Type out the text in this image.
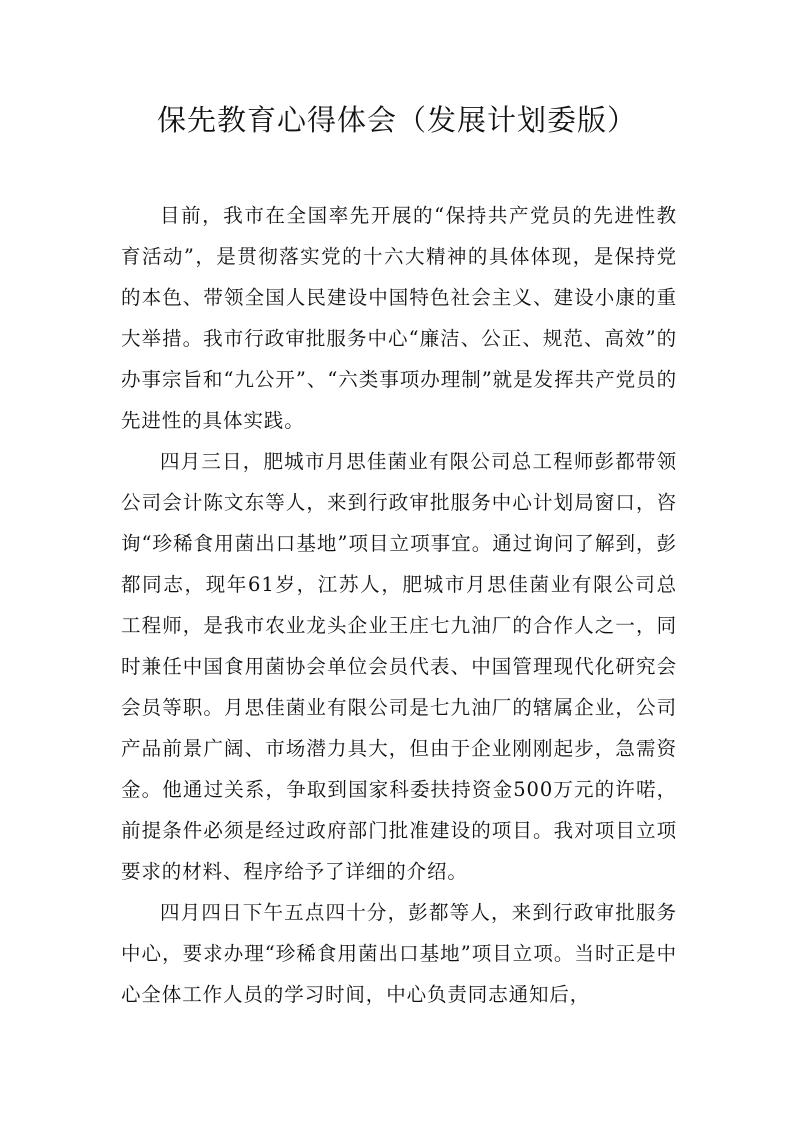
保先教育心得体会（发展计划委版）

目前，我市在全国率先开展的“保持共产党员的先进性教育活动”，是贯彻落实党的十六大精神的具体体现，是保持党的本色、带领全国人民建设中国特色社会主义、建设小康的重大举措。我市行政审批服务中心“廉洁、公正、规范、高效”的办事宗旨和“九公开”、“六类事项办理制”就是发挥共产党员的先进性的具体实践。

四月三日，肥城市月思佳菌业有限公司总工程师彭都带领公司会计陈文东等人，来到行政审批服务中心计划局窗口，咨询“珍稀食用菌出口基地”项目立项事宜。通过询问了解到，彭都同志，现年61岁，江苏人，肥城市月思佳菌业有限公司总工程师，是我市农业龙头企业王庄七九油厂的合作人之一，同时兼任中国食用菌协会单位会员代表、中国管理现代化研究会会员等职。月思佳菌业有限公司是七九油厂的辖属企业，公司产品前景广阔、市场潜力具大，但由于企业刚刚起步，急需资金。他通过关系，争取到国家科委扶持资金500万元的许喏，前提条件必须是经过政府部门批准建设的项目。我对项目立项要求的材料、程序给予了详细的介绍。

四月四日下午五点四十分，彭都等人，来到行政审批服务中心，要求办理“珍稀食用菌出口基地”项目立项。当时正是中心全体工作人员的学习时间，中心负责同志通知后，
